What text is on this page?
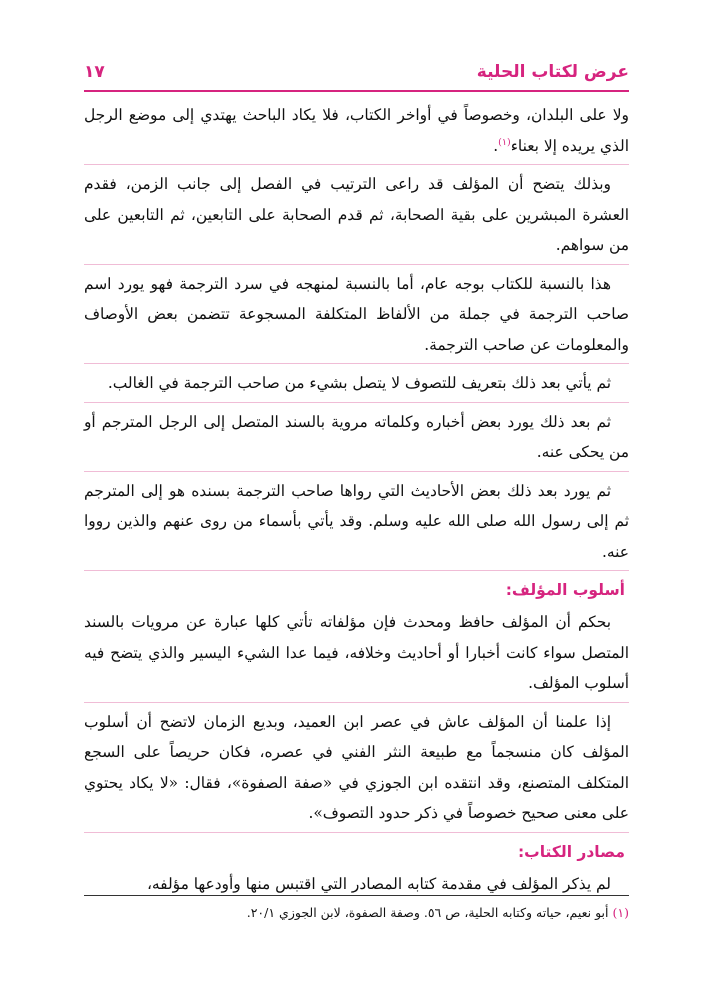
عرض لكتاب الحلية
١٧

ولا على البلدان، وخصوصاً في أواخر الكتاب، فلا يكاد الباحث يهتدي إلى موضع الرجل الذي يريده إلا بعناء$^{(١)}$.

وبذلك يتضح أن المؤلف قد راعى الترتيب في الفصل إلى جانب الزمن، فقدم العشرة المبشرين على بقية الصحابة، ثم قدم الصحابة على التابعين، ثم التابعين على من سواهم.

هذا بالنسبة للكتاب بوجه عام، أما بالنسبة لمنهجه في سرد الترجمة فهو يورد اسم صاحب الترجمة في جملة من الألفاظ المتكلفة المسجوعة تتضمن بعض الأوصاف والمعلومات عن صاحب الترجمة.

ثم يأتي بعد ذلك بتعريف للتصوف لا يتصل بشيء من صاحب الترجمة في الغالب.

ثم بعد ذلك يورد بعض أخباره وكلماته مروية بالسند المتصل إلى الرجل المترجم أو من يحكى عنه.

ثم يورد بعد ذلك بعض الأحاديث التي رواها صاحب الترجمة بسنده هو إلى المترجم ثم إلى رسول الله صلى الله عليه وسلم. وقد يأتي بأسماء من روى عنهم والذين رووا عنه.

أسلوب المؤلف:

بحكم أن المؤلف حافظ ومحدث فإن مؤلفاته تأتي كلها عبارة عن مرويات بالسند المتصل سواء كانت أخبارا أو أحاديث وخلافه، فيما عدا الشيء اليسير والذي يتضح فيه أسلوب المؤلف.

إذا علمنا أن المؤلف عاش في عصر ابن العميد، وبديع الزمان لاتضح أن أسلوب المؤلف كان منسجماً مع طبيعة النثر الفني في عصره، فكان حريصاً على السجع المتكلف المتصنع، وقد انتقده ابن الجوزي في «صفة الصفوة»، فقال: «لا يكاد يحتوي على معنى صحيح خصوصاً في ذكر حدود التصوف».

مصادر الكتاب:

لم يذكر المؤلف في مقدمة كتابه المصادر التي اقتبس منها وأودعها مؤلفه،

(١) أبو نعيم، حياته وكتابه الحلية، ص ٥٦. وصفة الصفوة، لابن الجوزي ٢٠/١.
